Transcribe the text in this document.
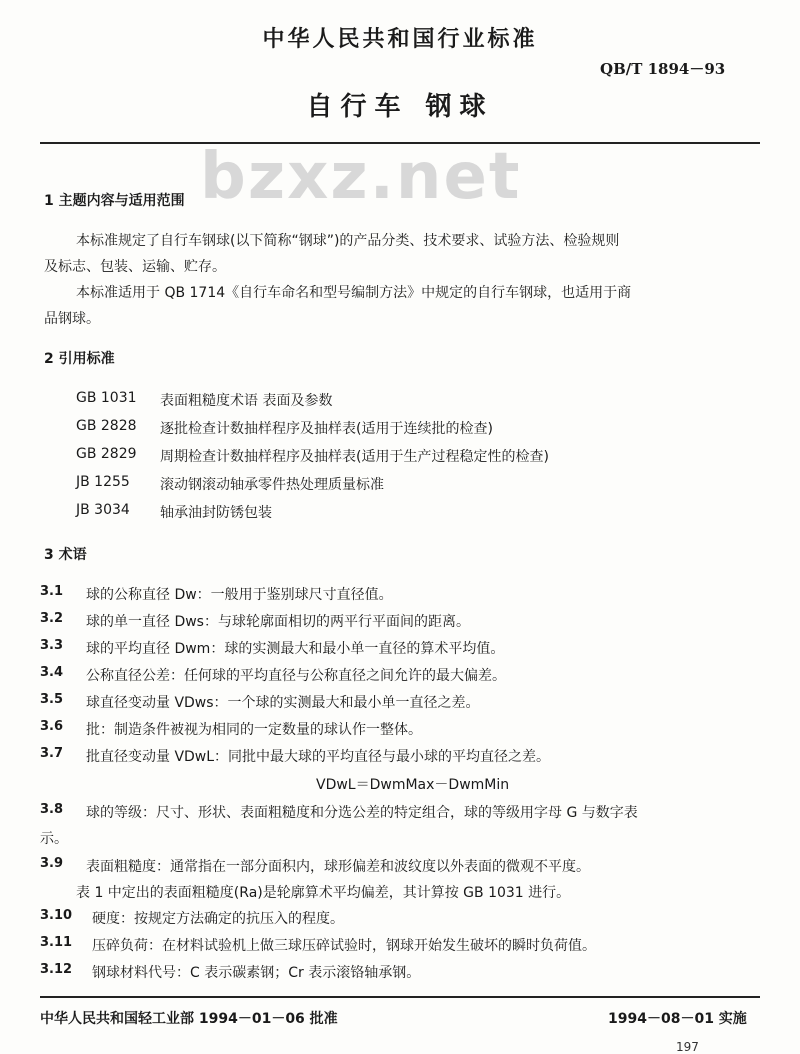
中华人民共和国行业标准
QB/T 1894－93
自行车 钢球
bzxz.net
1 主题内容与适用范围
本标准规定了自行车钢球(以下简称“钢球”)的产品分类、技术要求、试验方法、检验规则
及标志、包装、运输、贮存。
本标准适用于 QB 1714《自行车命名和型号编制方法》中规定的自行车钢球，也适用于商
品钢球。
2 引用标准
GB 1031	表面粗糙度术语 表面及参数
GB 2828	逐批检查计数抽样程序及抽样表(适用于连续批的检查)
GB 2829	周期检查计数抽样程序及抽样表(适用于生产过程稳定性的检查)
JB 1255	滚动钢滚动轴承零件热处理质量标准
JB 3034	轴承油封防锈包装
3 术语
3.1 球的公称直径 Dw：一般用于鉴别球尺寸直径值。
3.2 球的单一直径 Dws：与球轮廓面相切的两平行平面间的距离。
3.3 球的平均直径 Dwm：球的实测最大和最小单一直径的算术平均值。
3.4 公称直径公差：任何球的平均直径与公称直径之间允许的最大偏差。
3.5 球直径变动量 VDws：一个球的实测最大和最小单一直径之差。
3.6 批：制造条件被视为相同的一定数量的球认作一整体。
3.7 批直径变动量 VDwL：同批中最大球的平均直径与最小球的平均直径之差。
VDwL＝DwmMax－DwmMin
3.8 球的等级：尺寸、形状、表面粗糙度和分选公差的特定组合，球的等级用字母 G 与数字表
示。
3.9 表面粗糙度：通常指在一部分面积内，球形偏差和波纹度以外表面的微观不平度。
表 1 中定出的表面粗糙度(Ra)是轮廓算术平均偏差，其计算按 GB 1031 进行。
3.10 硬度：按规定方法确定的抗压入的程度。
3.11 压碎负荷：在材料试验机上做三球压碎试验时，钢球开始发生破坏的瞬时负荷值。
3.12 钢球材料代号：C 表示碳素钢；Cr 表示滚铬轴承钢。
中华人民共和国轻工业部 1994－01－06 批准	1994－08－01 实施
197
